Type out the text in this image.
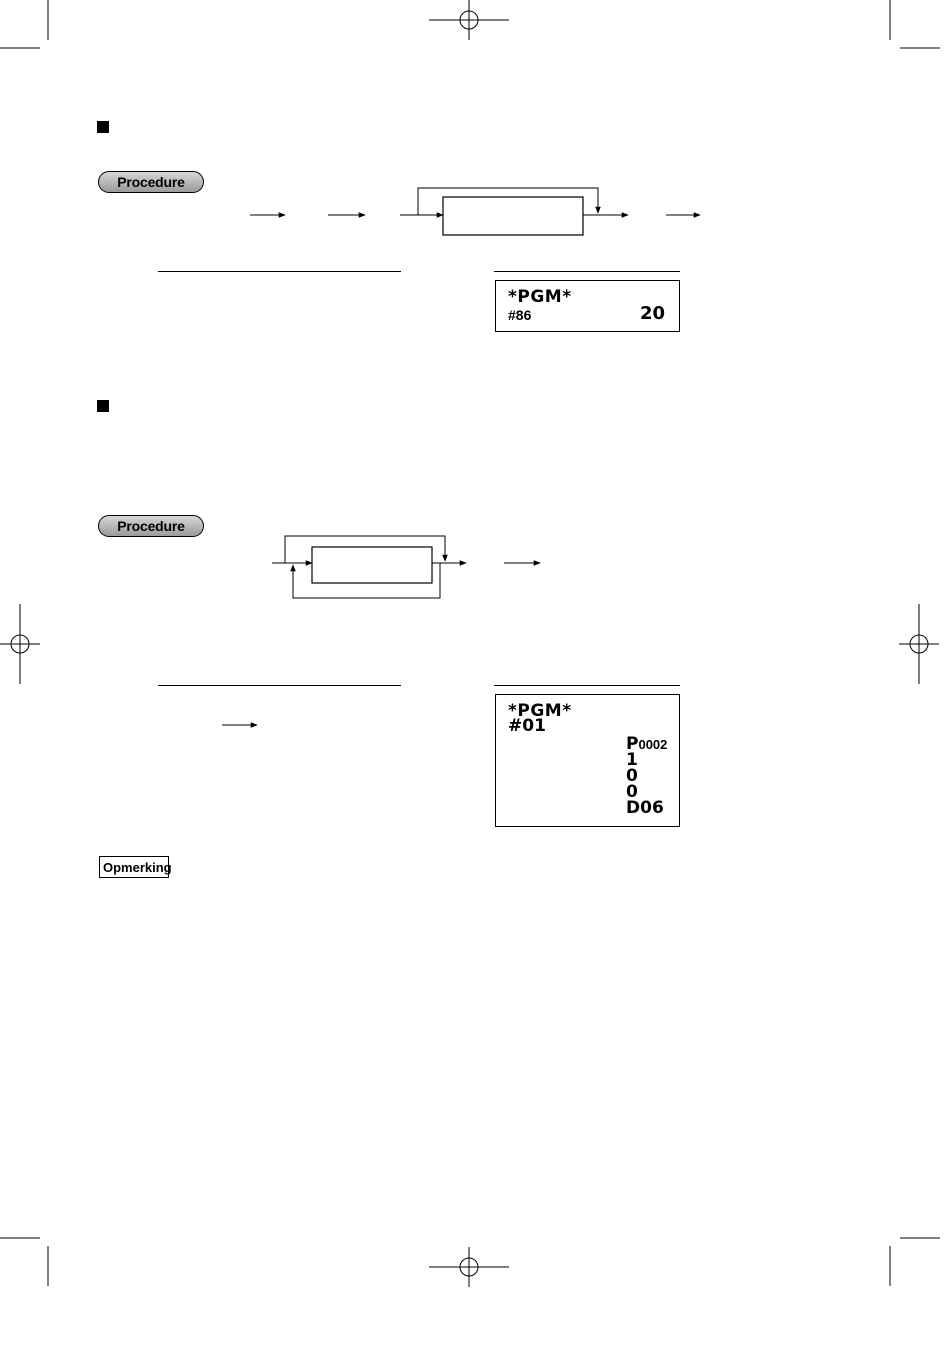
Procedure
*PGM*
#86	20
Procedure
*PGM*
#01
P0002
1
0
0
D06
Opmerking
